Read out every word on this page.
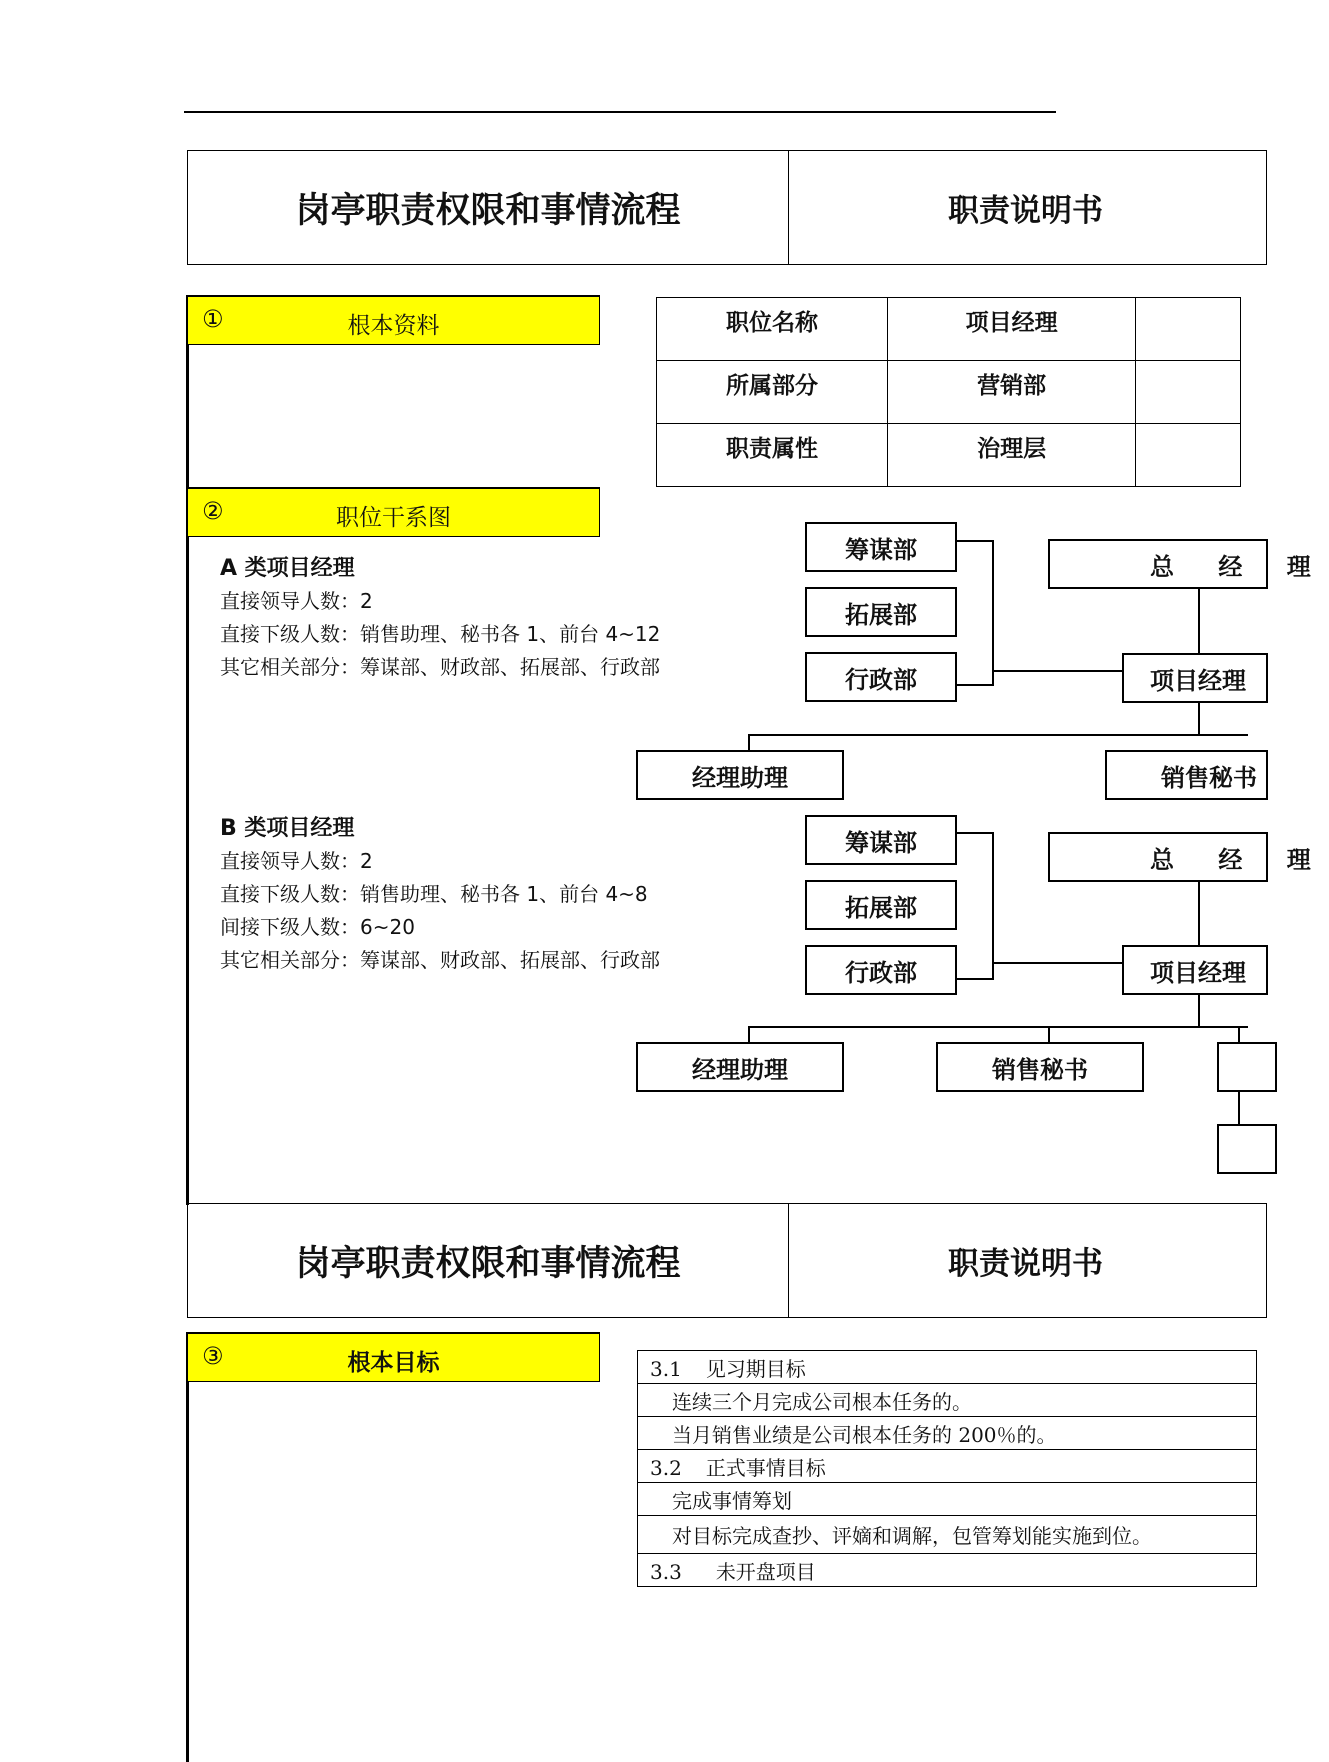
岗亭职责权限和事情流程	职责说明书
①	根本资料	职位名称	项目经理	
所属部分	营销部	
职责属性	治理层	
②	职位干系图
A 类项目经理
直接领导人数：2
直接下级人数：销售助理、秘书各 1、前台 4~12
其它相关部分：筹谋部、财政部、拓展部、行政部
B 类项目经理
直接领导人数：2
直接下级人数：销售助理、秘书各 1、前台 4~8
间接下级人数：6~20
其它相关部分：筹谋部、财政部、拓展部、行政部
筹谋部
拓展部
行政部
总 经 理
项目经理
经理助理	销售秘书
筹谋部
拓展部
行政部
总 经 理
项目经理
经理助理	销售秘书
岗亭职责权限和事情流程	职责说明书
③	根本目标	3.1 见习期目标
连续三个月完成公司根本任务的。
当月销售业绩是公司根本任务的 200％的。
3.2 正式事情目标
完成事情筹划
对目标完成查抄、评嫡和调解，包管筹划能实施到位。
3.3 未开盘项目
